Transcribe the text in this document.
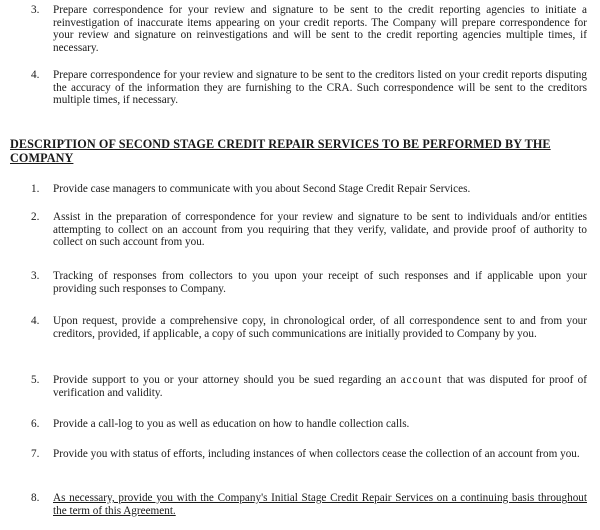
3. Prepare correspondence for your review and signature to be sent to the credit reporting agencies to initiate a reinvestigation of inaccurate items appearing on your credit reports. The Company will prepare correspondence for your review and signature on reinvestigations and will be sent to the credit reporting agencies multiple times, if necessary.
4. Prepare correspondence for your review and signature to be sent to the creditors listed on your credit reports disputing the accuracy of the information they are furnishing to the CRA. Such correspondence will be sent to the creditors multiple times, if necessary.
DESCRIPTION OF SECOND STAGE CREDIT REPAIR SERVICES TO BE PERFORMED BY THE COMPANY
1. Provide case managers to communicate with you about Second Stage Credit Repair Services.
2. Assist in the preparation of correspondence for your review and signature to be sent to individuals and/or entities attempting to collect on an account from you requiring that they verify, validate, and provide proof of authority to collect on such account from you.
3. Tracking of responses from collectors to you upon your receipt of such responses and if applicable upon your providing such responses to Company.
4. Upon request, provide a comprehensive copy, in chronological order, of all correspondence sent to and from your creditors, provided, if applicable, a copy of such communications are initially provided to Company by you.
5. Provide support to you or your attorney should you be sued regarding an account that was disputed for proof of verification and validity.
6. Provide a call-log to you as well as education on how to handle collection calls.
7. Provide you with status of efforts, including instances of when collectors cease the collection of an account from you.
8. As necessary, provide you with the Company's Initial Stage Credit Repair Services on a continuing basis throughout the term of this Agreement.
